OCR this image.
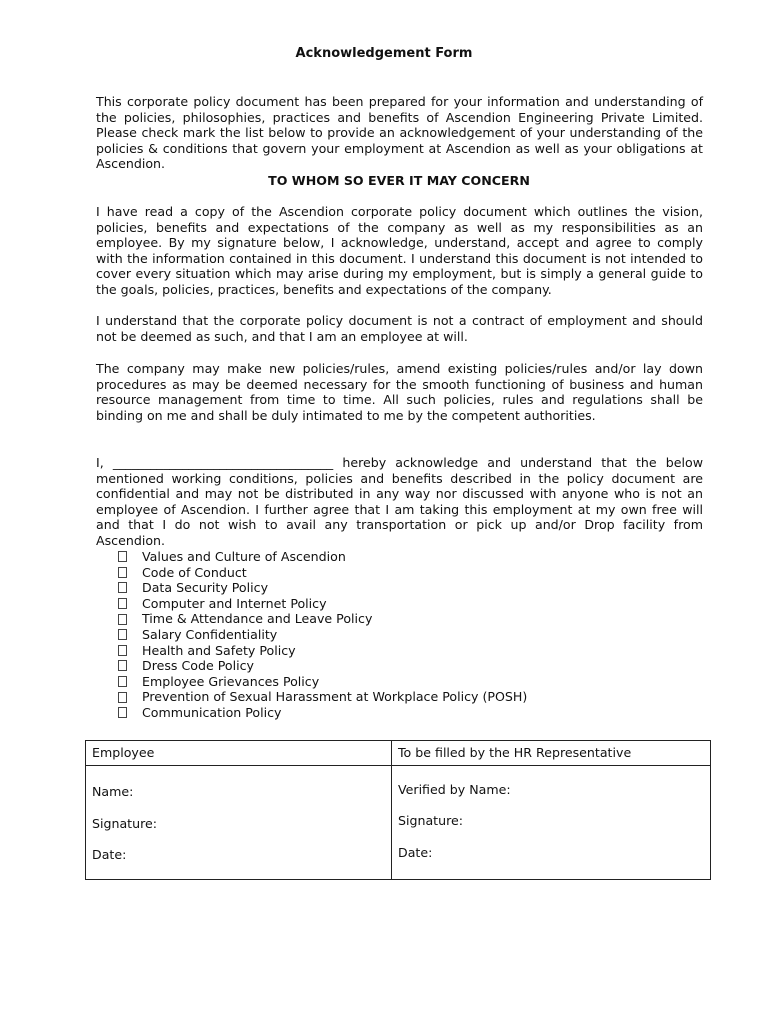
Acknowledgement Form

This corporate policy document has been prepared for your information and understanding of the policies, philosophies, practices and benefits of Ascendion Engineering Private Limited. Please check mark the list below to provide an acknowledgement of your understanding of the policies & conditions that govern your employment at Ascendion as well as your obligations at Ascendion.

TO WHOM SO EVER IT MAY CONCERN

I have read a copy of the Ascendion corporate policy document which outlines the vision, policies, benefits and expectations of the company as well as my responsibilities as an employee. By my signature below, I acknowledge, understand, accept and agree to comply with the information contained in this document. I understand this document is not intended to cover every situation which may arise during my employment, but is simply a general guide to the goals, policies, practices, benefits and expectations of the company.

I understand that the corporate policy document is not a contract of employment and should not be deemed as such, and that I am an employee at will.

The company may make new policies/rules, amend existing policies/rules and/or lay down procedures as may be deemed necessary for the smooth functioning of business and human resource management from time to time. All such policies, rules and regulations shall be binding on me and shall be duly intimated to me by the competent authorities.

I, ___________________________________ hereby acknowledge and understand that the below mentioned working conditions, policies and benefits described in the policy document are confidential and may not be distributed in any way nor discussed with anyone who is not an employee of Ascendion. I further agree that I am taking this employment at my own free will and that I do not wish to avail any transportation or pick up and/or Drop facility from Ascendion.

Values and Culture of Ascendion
Code of Conduct
Data Security Policy
Computer and Internet Policy
Time & Attendance and Leave Policy
Salary Confidentiality
Health and Safety Policy
Dress Code Policy
Employee Grievances Policy
Prevention of Sexual Harassment at Workplace Policy (POSH)
Communication Policy
Employee	To be filled by the HR Representative
Name:
Signature:
Date:
Verified by Name:
Signature:
Date:
